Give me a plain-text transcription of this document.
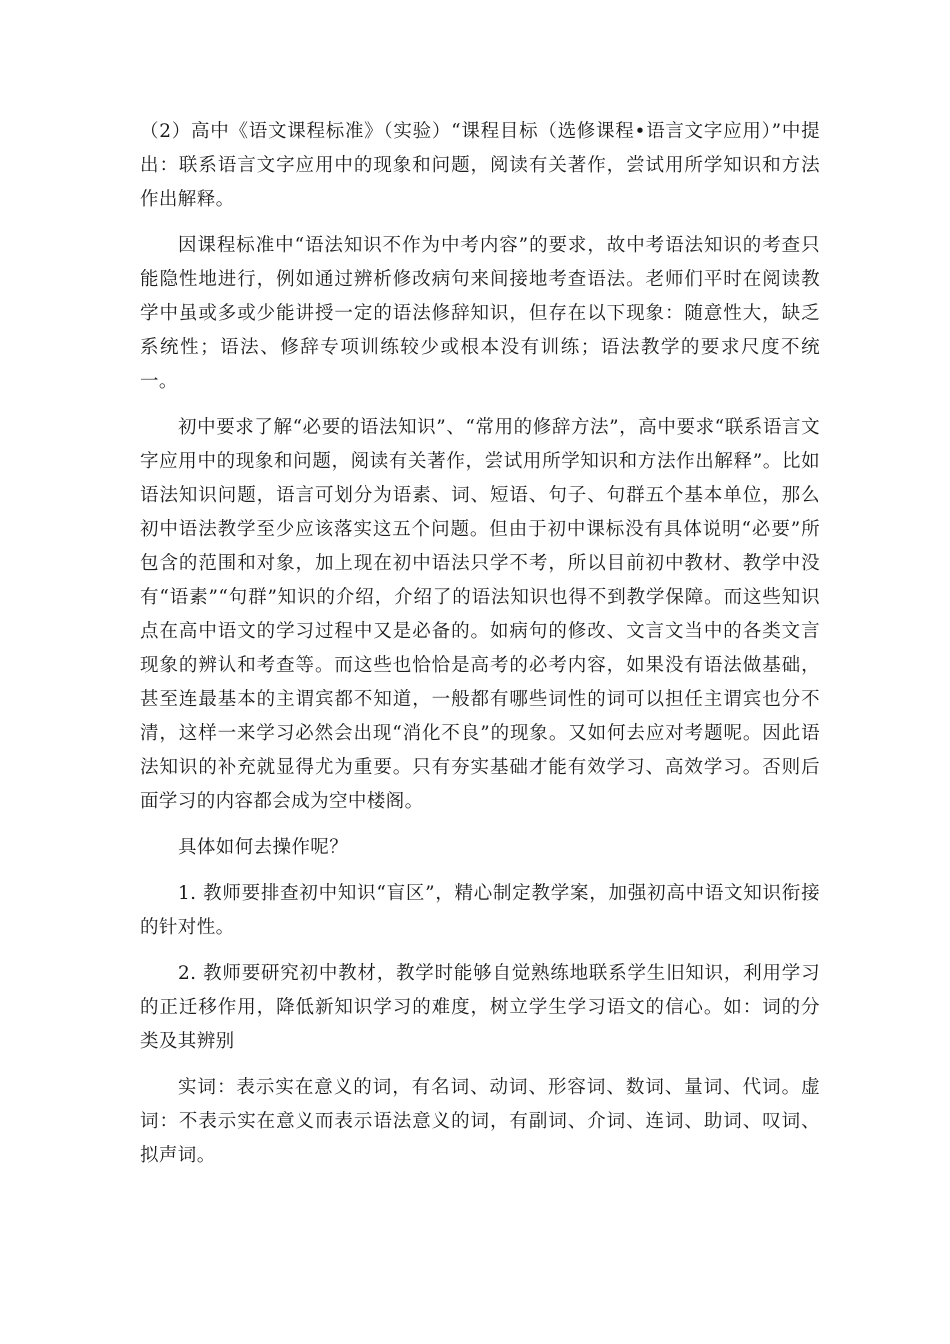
（2）高中《语文课程标准》（实验）“课程目标（选修课程•语言文字应用）”中提出：联系语言文字应用中的现象和问题，阅读有关著作，尝试用所学知识和方法作出解释。

因课程标准中“语法知识不作为中考内容”的要求，故中考语法知识的考查只能隐性地进行，例如通过辨析修改病句来间接地考查语法。老师们平时在阅读教学中虽或多或少能讲授一定的语法修辞知识，但存在以下现象：随意性大，缺乏系统性；语法、修辞专项训练较少或根本没有训练；语法教学的要求尺度不统一。

初中要求了解“必要的语法知识”、“常用的修辞方法”，高中要求“联系语言文字应用中的现象和问题，阅读有关著作，尝试用所学知识和方法作出解释”。比如语法知识问题，语言可划分为语素、词、短语、句子、句群五个基本单位，那么初中语法教学至少应该落实这五个问题。但由于初中课标没有具体说明“必要”所包含的范围和对象，加上现在初中语法只学不考，所以目前初中教材、教学中没有“语素”“句群”知识的介绍，介绍了的语法知识也得不到教学保障。而这些知识点在高中语文的学习过程中又是必备的。如病句的修改、文言文当中的各类文言现象的辨认和考查等。而这些也恰恰是高考的必考内容，如果没有语法做基础，甚至连最基本的主谓宾都不知道，一般都有哪些词性的词可以担任主谓宾也分不清，这样一来学习必然会出现“消化不良”的现象。又如何去应对考题呢。因此语法知识的补充就显得尤为重要。只有夯实基础才能有效学习、高效学习。否则后面学习的内容都会成为空中楼阁。

具体如何去操作呢？

1. 教师要排查初中知识“盲区”，精心制定教学案，加强初高中语文知识衔接的针对性。

2. 教师要研究初中教材，教学时能够自觉熟练地联系学生旧知识，利用学习的正迁移作用，降低新知识学习的难度，树立学生学习语文的信心。如：词的分类及其辨别

实词：表示实在意义的词，有名词、动词、形容词、数词、量词、代词。虚词：不表示实在意义而表示语法意义的词，有副词、介词、连词、助词、叹词、拟声词。
